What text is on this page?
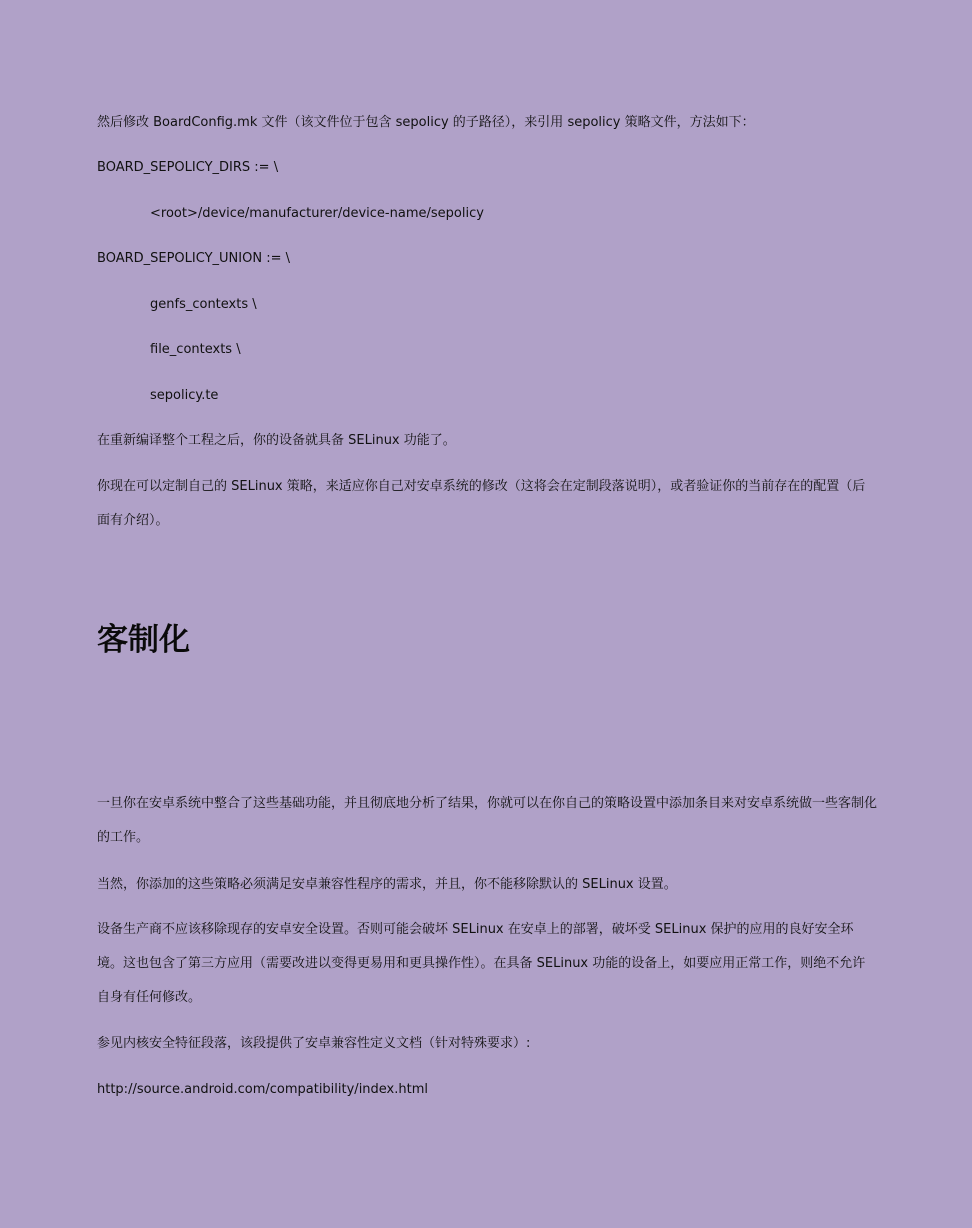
然后修改 BoardConfig.mk 文件（该文件位于包含 sepolicy 的子路径），来引用 sepolicy 策略文件，方法如下：
BOARD_SEPOLICY_DIRS := \
<root>/device/manufacturer/device-name/sepolicy
BOARD_SEPOLICY_UNION := \
genfs_contexts \
file_contexts \
sepolicy.te
在重新编译整个工程之后，你的设备就具备 SELinux 功能了。
你现在可以定制自己的 SELinux 策略，来适应你自己对安卓系统的修改（这将会在定制段落说明），或者验证你的当前存在的配置（后面有介绍）。
客制化
一旦你在安卓系统中整合了这些基础功能，并且彻底地分析了结果，你就可以在你自己的策略设置中添加条目来对安卓系统做一些客制化的工作。
当然，你添加的这些策略必须满足安卓兼容性程序的需求，并且，你不能移除默认的 SELinux 设置。
设备生产商不应该移除现存的安卓安全设置。否则可能会破坏 SELinux 在安卓上的部署，破坏受 SELinux 保护的应用的良好安全环境。这也包含了第三方应用（需要改进以变得更易用和更具操作性）。在具备 SELinux 功能的设备上，如要应用正常工作，则绝不允许自身有任何修改。
参见内核安全特征段落，该段提供了安卓兼容性定义文档（针对特殊要求）:
http://source.android.com/compatibility/index.html
